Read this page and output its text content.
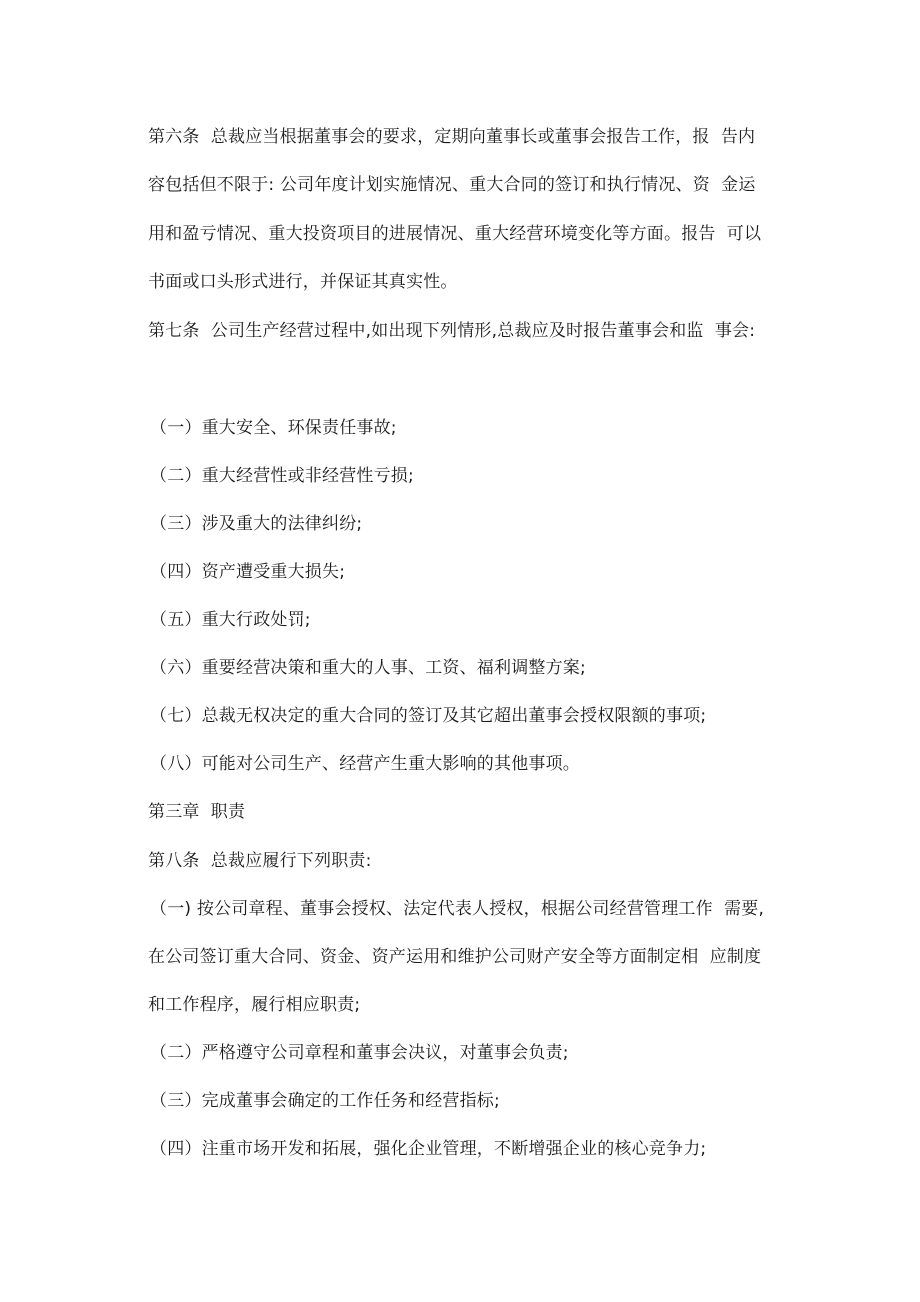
第六条  总裁应当根据董事会的要求，定期向董事长或董事会报告工作，报  告内
容包括但不限于: 公司年度计划实施情况、重大合同的签订和执行情况、资  金运
用和盈亏情况、重大投资项目的进展情况、重大经营环境变化等方面。报告  可以
书面或口头形式进行，并保证其真实性。
第七条  公司生产经营过程中,如出现下列情形,总裁应及时报告董事会和监  事会:
（一）重大安全、环保责任事故;
（二）重大经营性或非经营性亏损;
（三）涉及重大的法律纠纷;
（四）资产遭受重大损失;
（五）重大行政处罚;
（六）重要经营决策和重大的人事、工资、福利调整方案;
（七）总裁无权决定的重大合同的签订及其它超出董事会授权限额的事项;
（八）可能对公司生产、经营产生重大影响的其他事项。
第三章  职责
第八条  总裁应履行下列职责:
（一) 按公司章程、董事会授权、法定代表人授权，根据公司经营管理工作  需要,
在公司签订重大合同、资金、资产运用和维护公司财产安全等方面制定相  应制度
和工作程序，履行相应职责;
（二）严格遵守公司章程和董事会决议，对董事会负责;
（三）完成董事会确定的工作任务和经营指标;
（四）注重市场开发和拓展，强化企业管理，不断增强企业的核心竞争力;
